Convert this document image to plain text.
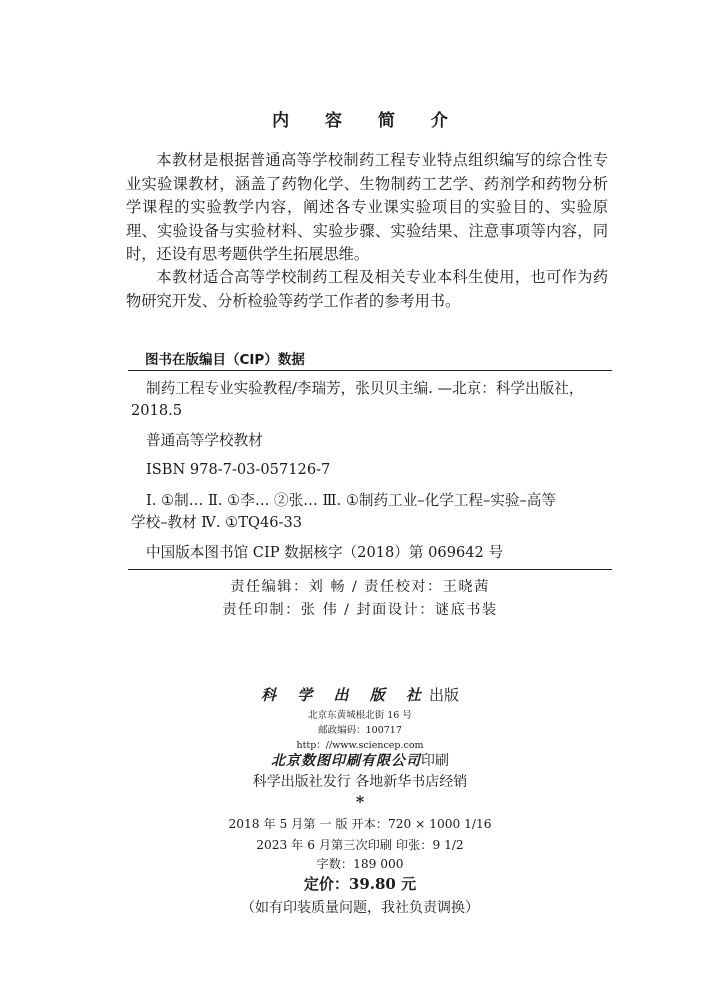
内 容 简 介

本教材是根据普通高等学校制药工程专业特点组织编写的综合性专业实验课教材，涵盖了药物化学、生物制药工艺学、药剂学和药物分析学课程的实验教学内容，阐述各专业课实验项目的实验目的、实验原理、实验设备与实验材料、实验步骤、实验结果、注意事项等内容，同时，还设有思考题供学生拓展思维。

本教材适合高等学校制药工程及相关专业本科生使用，也可作为药物研究开发、分析检验等药学工作者的参考用书。

图书在版编目（CIP）数据
制药工程专业实验教程/李瑞芳，张贝贝主编. —北京：科学出版社，
2018.5
普通高等学校教材
ISBN 978-7-03-057126-7
Ⅰ. ①制… Ⅱ. ①李… ②张… Ⅲ. ①制药工业–化学工程–实验–高等
学校–教材 Ⅳ. ①TQ46-33
中国版本图书馆 CIP 数据核字（2018）第 069642 号
责任编辑：刘 畅 / 责任校对：王晓茜
责任印制：张 伟 / 封面设计：谜底书装
科 学 出 版 社出版
北京东黄城根北街 16 号
邮政编码：100717
http：//www.sciencep.com
北京数图印刷有限公司印刷
科学出版社发行 各地新华书店经销
*
2018 年 5 月第 一 版 开本：720 × 1000 1/16
2023 年 6 月第三次印刷 印张：9 1/2
字数：189 000
定价：39.80 元
（如有印装质量问题，我社负责调换）
